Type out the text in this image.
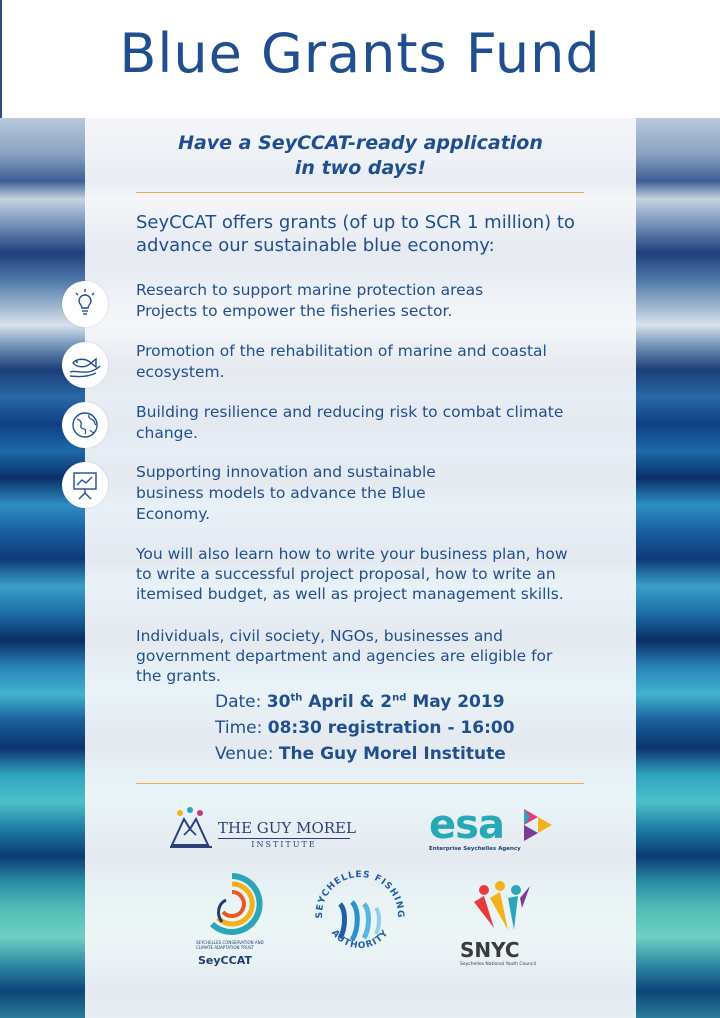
Blue Grants Fund
Have a SeyCCAT-ready application
in two days!
SeyCCAT offers grants (of up to SCR 1 million) to advance our sustainable blue economy:
Research to support marine protection areas
Projects to empower the fisheries sector.
Promotion of the rehabilitation of marine and coastal
ecosystem.
Building resilience and reducing risk to combat climate
change.
Supporting innovation and sustainable
business models to advance the Blue
Economy.
You will also learn how to write your business plan, how
to write a successful project proposal, how to write an
itemised budget, as well as project management skills.
Individuals, civil society, NGOs, businesses and
government department and agencies are eligible for
the grants.
Date: 30th April & 2nd May 2019
Time: 08:30 registration - 16:00
Venue: The Guy Morel Institute
THE GUY MOREL
INSTITUTE	esa
Enterprise Seychelles Agency
SEYCHELLES CONSERVATION AND CLIMATE ADAPTATION TRUST
SeyCCAT
SEYCHELLES FISHING
AUTHORITY
SNYC
Seychelles National Youth Council
